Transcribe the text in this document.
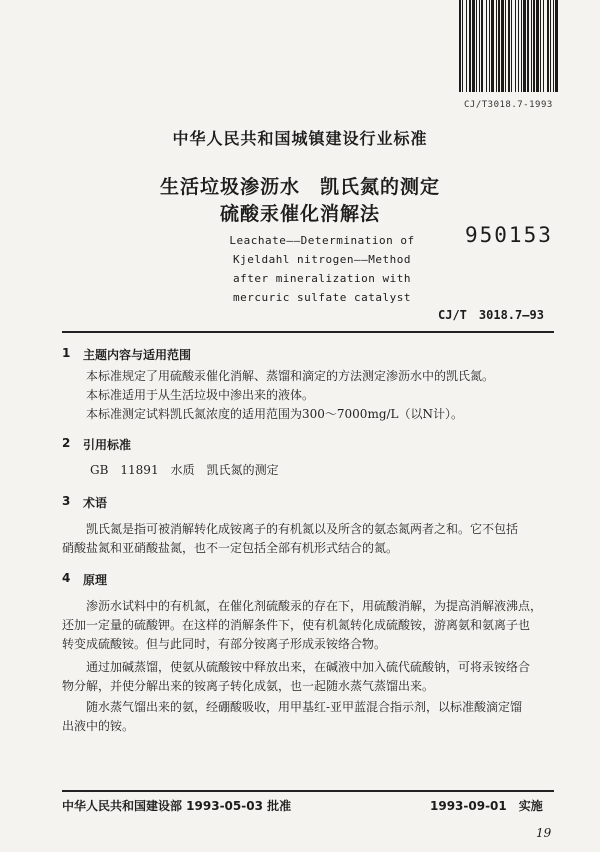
CJ/T3018.7-1993
中华人民共和国城镇建设行业标准
生活垃圾渗沥水　凯氏氮的测定
硫酸汞催化消解法
Leachate——Determination of
Kjeldahl nitrogen——Method
after mineralization with
mercuric sulfate catalyst
950153
CJ/T　3018.7—93
1 主题内容与适用范围
本标准规定了用硫酸汞催化消解、蒸馏和滴定的方法测定渗沥水中的凯氏氮。
本标准适用于从生活垃圾中渗出来的液体。
本标准测定试料凯氏氮浓度的适用范围为300～7000mg/L（以N计）。
2 引用标准
GB　11891　水质　凯氏氮的测定
3 术语
凯氏氮是指可被消解转化成铵离子的有机氮以及所含的氨态氮两者之和。它不包括
硝酸盐氮和亚硝酸盐氮，也不一定包括全部有机形式结合的氮。
4 原理
渗沥水试料中的有机氮，在催化剂硫酸汞的存在下，用硫酸消解，为提高消解液沸点，
还加一定量的硫酸钾。在这样的消解条件下，使有机氮转化成硫酸铵，游离氨和氨离子也
转变成硫酸铵。但与此同时，有部分铵离子形成汞铵络合物。
通过加碱蒸馏，使氨从硫酸铵中释放出来，在碱液中加入硫代硫酸钠，可将汞铵络合
物分解，并使分解出来的铵离子转化成氨，也一起随水蒸气蒸馏出来。
随水蒸气馏出来的氨，经硼酸吸收，用甲基红-亚甲蓝混合指示剂，以标准酸滴定馏
出液中的铵。
中华人民共和国建设部 1993-05-03 批准	1993-09-01　实施
19
